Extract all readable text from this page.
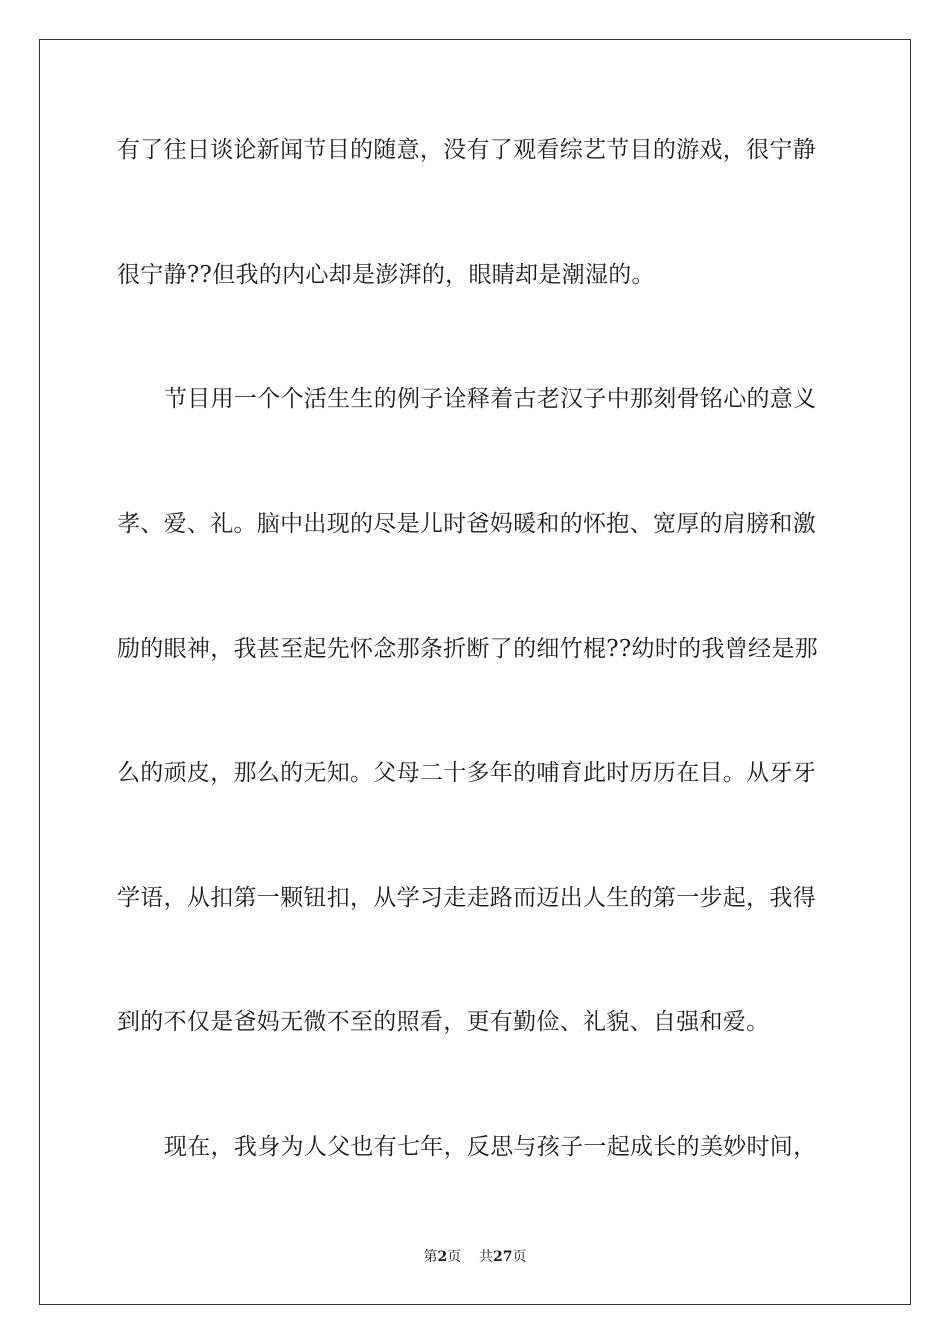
有了往日谈论新闻节目的随意，没有了观看综艺节目的游戏，很宁静
很宁静??但我的内心却是澎湃的，眼睛却是潮湿的。
节目用一个个活生生的例子诠释着古老汉子中那刻骨铭心的意义
孝、爱、礼。脑中出现的尽是儿时爸妈暖和的怀抱、宽厚的肩膀和激
励的眼神，我甚至起先怀念那条折断了的细竹棍??幼时的我曾经是那
么的顽皮，那么的无知。父母二十多年的哺育此时历历在目。从牙牙
学语，从扣第一颗钮扣，从学习走走路而迈出人生的第一步起，我得
到的不仅是爸妈无微不至的照看，更有勤俭、礼貌、自强和爱。
现在，我身为人父也有七年，反思与孩子一起成长的美妙时间，
第2页 共27页
